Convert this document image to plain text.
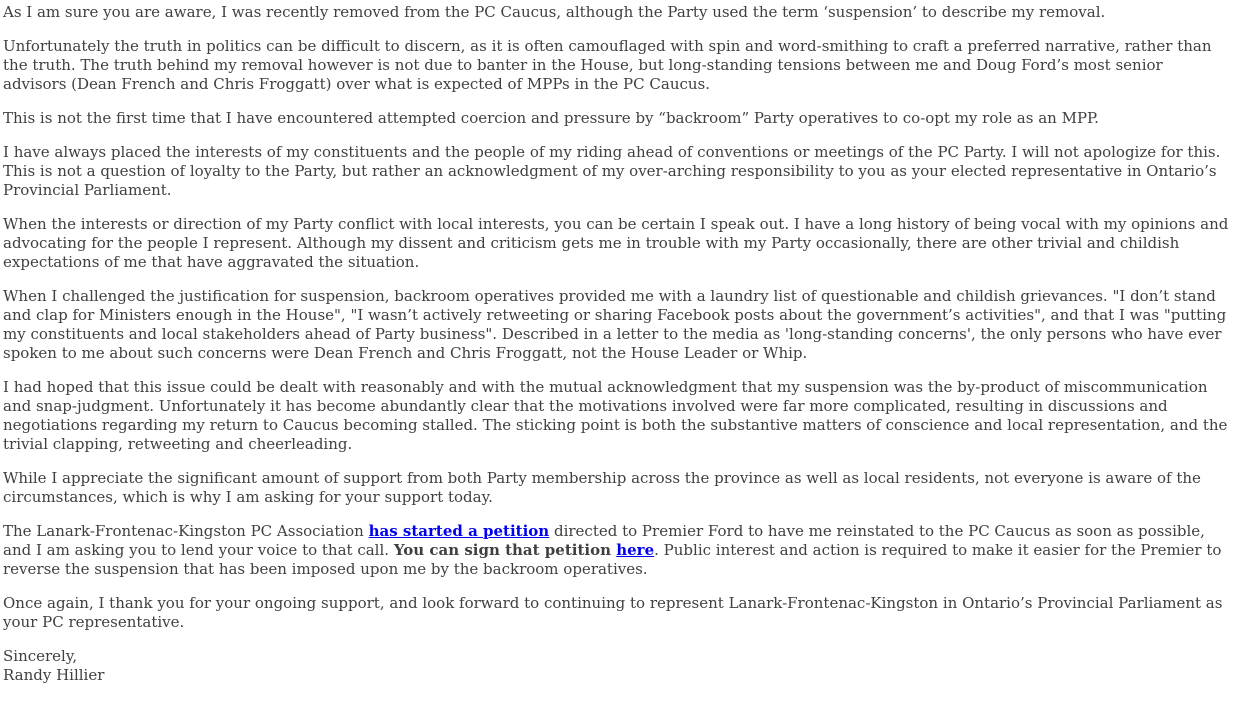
As I am sure you are aware, I was recently removed from the PC Caucus, although the Party used the term ‘suspension’ to describe my removal.

Unfortunately the truth in politics can be difficult to discern, as it is often camouflaged with spin and word-smithing to craft a preferred narrative, rather than the truth. The truth behind my removal however is not due to banter in the House, but long-standing tensions between me and Doug Ford’s most senior advisors (Dean French and Chris Froggatt) over what is expected of MPPs in the PC Caucus.

This is not the first time that I have encountered attempted coercion and pressure by “backroom” Party operatives to co-opt my role as an MPP.

I have always placed the interests of my constituents and the people of my riding ahead of conventions or meetings of the PC Party. I will not apologize for this. This is not a question of loyalty to the Party, but rather an acknowledgment of my over-arching responsibility to you as your elected representative in Ontario’s Provincial Parliament.

When the interests or direction of my Party conflict with local interests, you can be certain I speak out. I have a long history of being vocal with my opinions and advocating for the people I represent. Although my dissent and criticism gets me in trouble with my Party occasionally, there are other trivial and childish expectations of me that have aggravated the situation.

When I challenged the justification for suspension, backroom operatives provided me with a laundry list of questionable and childish grievances. "I don’t stand and clap for Ministers enough in the House", "I wasn’t actively retweeting or sharing Facebook posts about the government’s activities", and that I was "putting my constituents and local stakeholders ahead of Party business". Described in a letter to the media as 'long-standing concerns', the only persons who have ever spoken to me about such concerns were Dean French and Chris Froggatt, not the House Leader or Whip.

I had hoped that this issue could be dealt with reasonably and with the mutual acknowledgment that my suspension was the by-product of miscommunication and snap-judgment. Unfortunately it has become abundantly clear that the motivations involved were far more complicated, resulting in discussions and negotiations regarding my return to Caucus becoming stalled. The sticking point is both the substantive matters of conscience and local representation, and the trivial clapping, retweeting and cheerleading.

While I appreciate the significant amount of support from both Party membership across the province as well as local residents, not everyone is aware of the circumstances, which is why I am asking for your support today.

The Lanark-Frontenac-Kingston PC Association has started a petition directed to Premier Ford to have me reinstated to the PC Caucus as soon as possible, and I am asking you to lend your voice to that call. You can sign that petition here. Public interest and action is required to make it easier for the Premier to reverse the suspension that has been imposed upon me by the backroom operatives.

Once again, I thank you for your ongoing support, and look forward to continuing to represent Lanark-Frontenac-Kingston in Ontario’s Provincial Parliament as your PC representative.

Sincerely,
Randy Hillier
